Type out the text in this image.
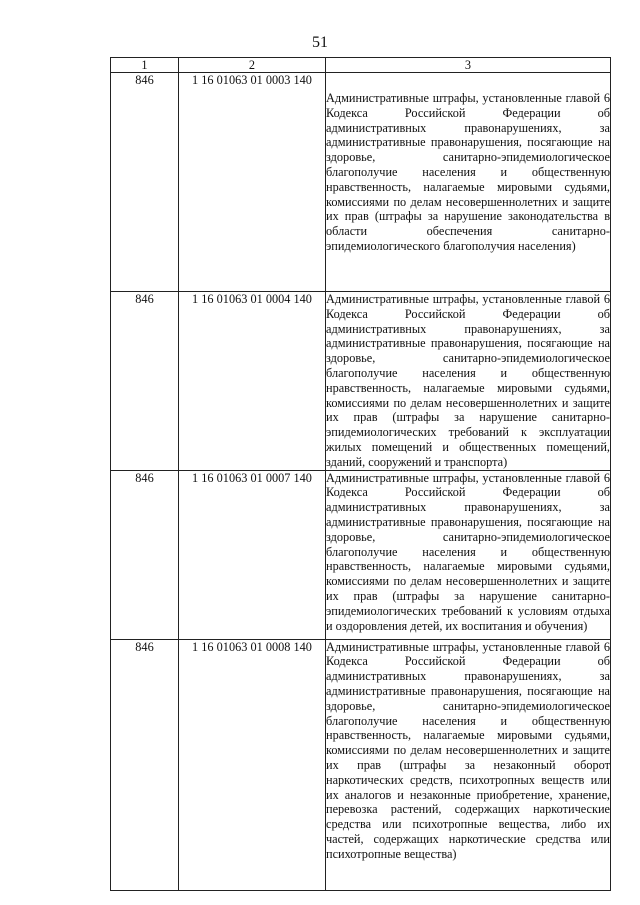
51
1	2	3
846	1 16 01063 01 0003 140	Административные штрафы, установленные главой 6 Кодекса Российской Федерации об административных правонарушениях, за административные правонарушения, посягающие на здоровье, санитарно-эпидемиологическое благополучие населения и общественную нравственность, налагаемые мировыми судьями, комиссиями по делам несовершеннолетних и защите их прав (штрафы за нарушение законодательства в области обеспечения санитарно-эпидемиологического благополучия населения)
846	1 16 01063 01 0004 140	Административные штрафы, установленные главой 6 Кодекса Российской Федерации об административных правонарушениях, за административные правонарушения, посягающие на здоровье, санитарно-эпидемиологическое благополучие населения и общественную нравственность, налагаемые мировыми судьями, комиссиями по делам несовершеннолетних и защите их прав (штрафы за нарушение санитарно-эпидемиологических требований к эксплуатации жилых помещений и общественных помещений, зданий, сооружений и транспорта)
846	1 16 01063 01 0007 140	Административные штрафы, установленные главой 6 Кодекса Российской Федерации об административных правонарушениях, за административные правонарушения, посягающие на здоровье, санитарно-эпидемиологическое благополучие населения и общественную нравственность, налагаемые мировыми судьями, комиссиями по делам несовершеннолетних и защите их прав (штрафы за нарушение санитарно-эпидемиологических требований к условиям отдыха и оздоровления детей, их воспитания и обучения)
846	1 16 01063 01 0008 140	Административные штрафы, установленные главой 6 Кодекса Российской Федерации об административных правонарушениях, за административные правонарушения, посягающие на здоровье, санитарно-эпидемиологическое благополучие населения и общественную нравственность, налагаемые мировыми судьями, комиссиями по делам несовершеннолетних и защите их прав (штрафы за незаконный оборот наркотических средств, психотропных веществ или их аналогов и незаконные приобретение, хранение, перевозка растений, содержащих наркотические средства или психотропные вещества, либо их частей, содержащих наркотические средства или психотропные вещества)
